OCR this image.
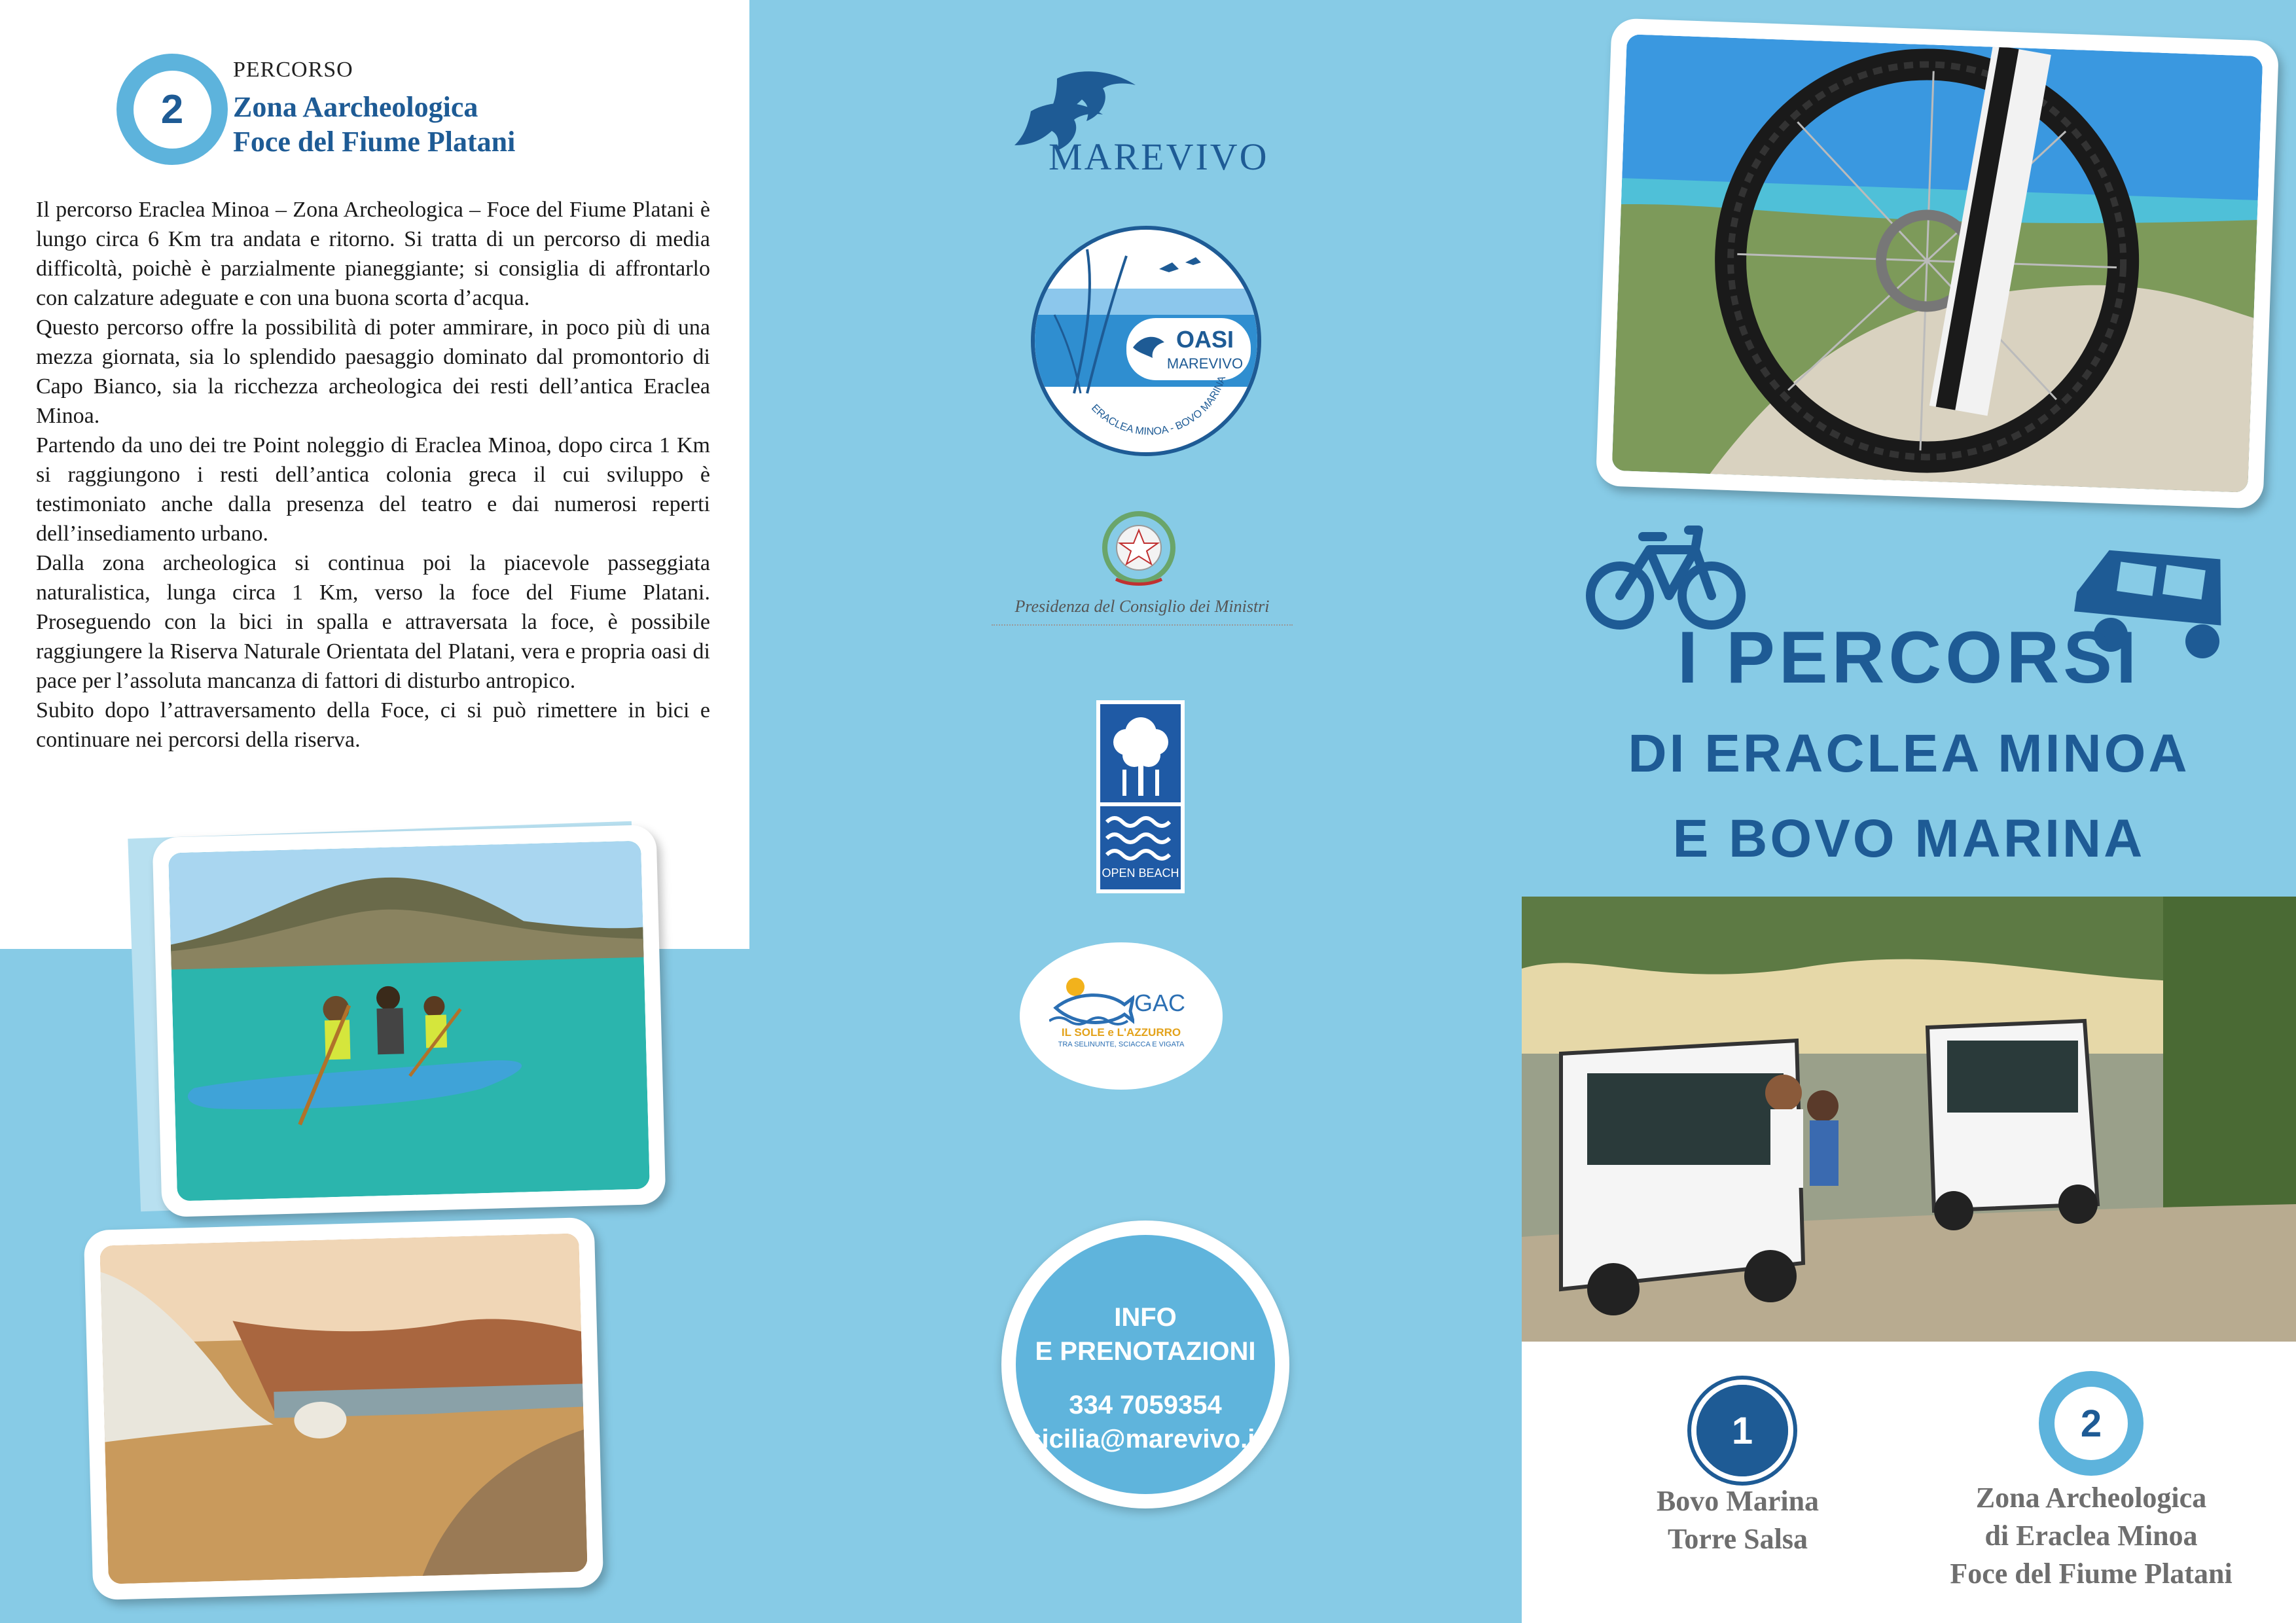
2
PERCORSO
Zona Aarcheologica
Foce del Fiume Platani

Il percorso Eraclea Minoa – Zona Archeologica – Foce del Fiume Platani è lungo circa 6 Km tra andata e ritorno. Si tratta di un percorso di media difficoltà, poichè è parzialmente pianeggiante; si consiglia di affrontarlo con calzature adeguate e con una buona scorta d’acqua.

Questo percorso offre la possibilità di poter ammirare, in poco più di una mezza giornata, sia lo splendido paesaggio dominato dal promontorio di Capo Bianco, sia la ricchezza archeologica dei resti dell’antica Eraclea Minoa.

Partendo da uno dei tre Point noleggio di Eraclea Minoa, dopo circa 1 Km si raggiungono i resti dell’antica colonia greca il cui sviluppo è testimoniato anche dalla presenza del teatro e dai numerosi reperti dell’insediamento urbano.

Dalla zona archeologica si continua poi la piacevole passeggiata naturalistica, lunga circa 1 Km, verso la foce del Fiume Platani. Proseguendo con la bici in spalla e attraversata la foce, è possibile raggiungere la Riserva Naturale Orientata del Platani, vera e propria oasi di pace per l’assoluta mancanza di fattori di disturbo antropico.

Subito dopo l’attraversamento della Foce, ci si può rimettere in bici e continuare nei percorsi della riserva.

MAREVIVO
OASI
MAREVIVO
ERACLEA MINOA - BOVO MARINA
Presidenza del Consiglio dei Ministri
OPEN BEACH
GAC
IL SOLE e L'AZZURRO
TRA SELINUNTE, SCIACCA E VIGATA
INFO
E PRENOTAZIONI
334 7059354
sicilia@marevivo.it
I PERCORSI
DI ERACLEA MINOA
E BOVO MARINA
1
Bovo Marina
Torre Salsa
2
Zona Archeologica
di Eraclea Minoa
Foce del Fiume Platani
